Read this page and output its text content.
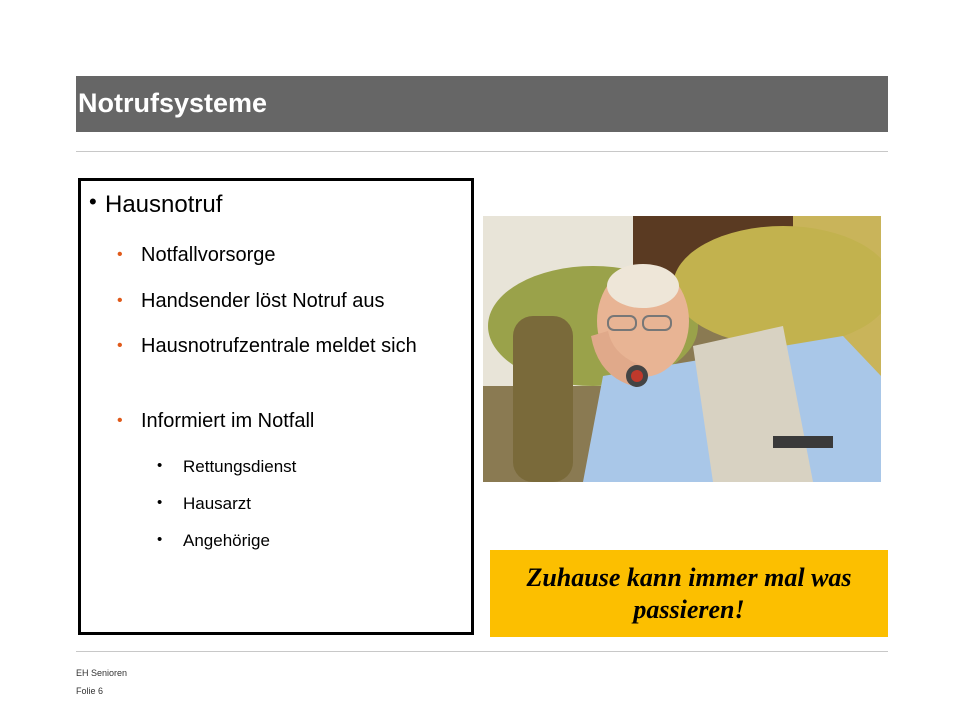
Notrufsysteme
• Hausnotruf
• Notfallvorsorge
• Handsender löst Notruf aus
• Hausnotrufzentrale meldet sich
• Informiert im Notfall
• Rettungsdienst
• Hausarzt
• Angehörige
Zuhause kann immer mal was passieren!
EH Senioren
Folie 6
